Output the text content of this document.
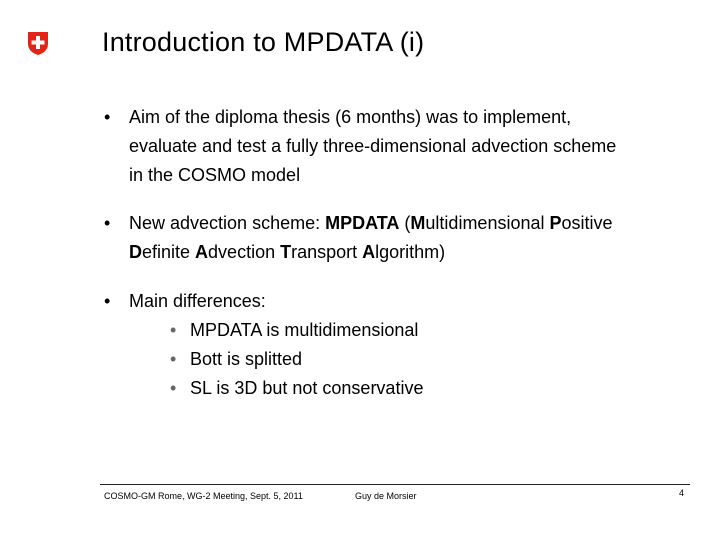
Introduction to MPDATA (i)
• Aim of the diploma thesis (6 months) was to implement,
evaluate and test a fully three-dimensional advection scheme
in the COSMO model
• New advection scheme: MPDATA (Multidimensional Positive
Definite Advection Transport Algorithm)
• Main differences:
• MPDATA is multidimensional
• Bott is splitted
• SL is 3D but not conservative
COSMO-GM Rome, WG-2 Meeting, Sept. 5, 2011	Guy de Morsier	4
